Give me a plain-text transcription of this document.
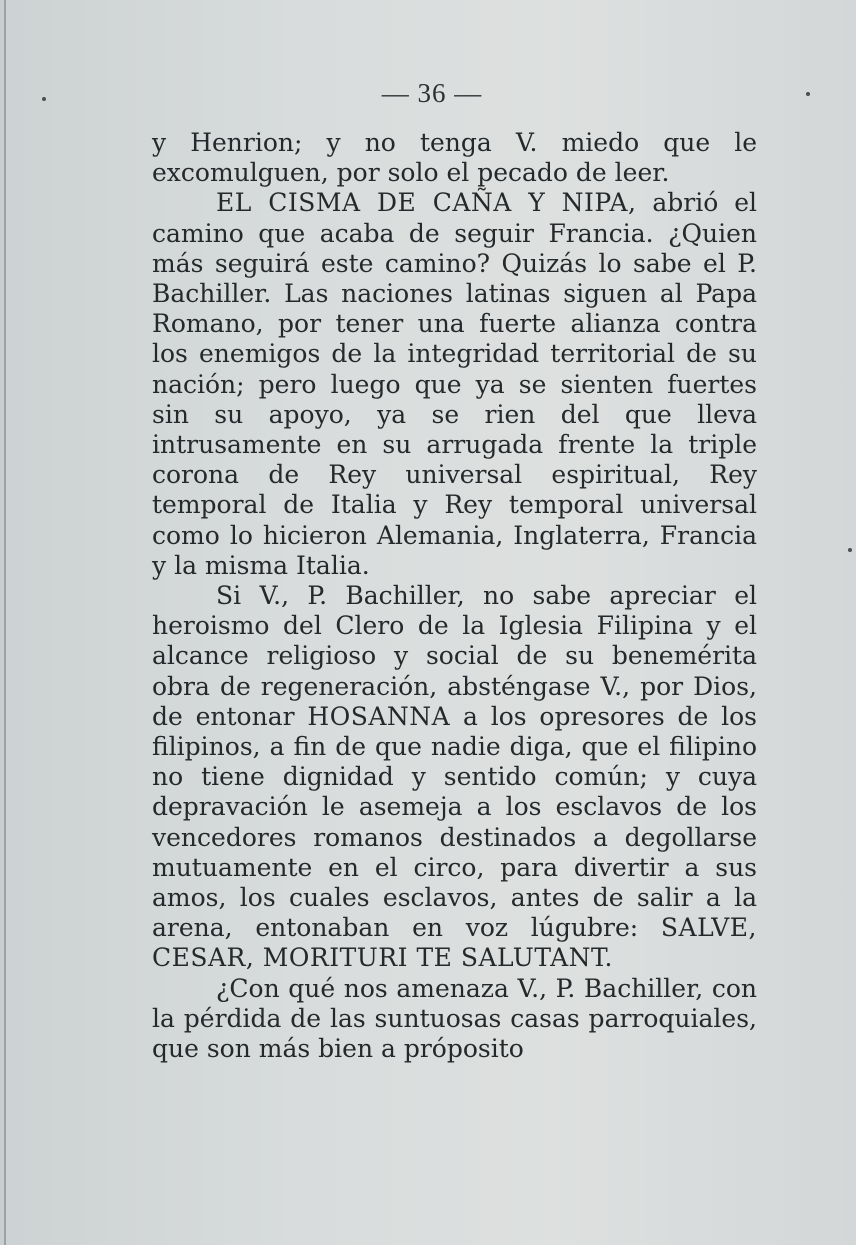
— 36 —

y Henrion; y no tenga V. miedo que le excomulguen, por solo el pecado de leer.

EL CISMA DE CAÑA Y NIPA, abrió el camino que acaba de seguir Francia. ¿Quien más seguirá este camino? Quizás lo sabe el P. Bachiller. Las naciones latinas siguen al Papa Romano, por tener una fuerte alianza contra los enemigos de la integridad territorial de su nación; pero luego que ya se sienten fuertes sin su apoyo, ya se rien del que lleva intrusamente en su arrugada frente la triple corona de Rey universal espiritual, Rey temporal de Italia y Rey temporal universal como lo hicieron Alemania, Inglaterra, Francia y la misma Italia.

Si V., P. Bachiller, no sabe apreciar el heroismo del Clero de la Iglesia Filipina y el alcance religioso y social de su benemérita obra de regeneración, absténgase V., por Dios, de entonar HOSANNA a los opresores de los filipinos, a fin de que nadie diga, que el filipino no tiene dignidad y sentido común; y cuya depravación le asemeja a los esclavos de los vencedores romanos destinados a degollarse mutuamente en el circo, para divertir a sus amos, los cuales esclavos, antes de salir a la arena, entonaban en voz lúgubre: SALVE, CESAR, MORITURI TE SALUTANT.

¿Con qué nos amenaza V., P. Bachiller, con la pérdida de las suntuosas casas parroquiales, que son más bien a própos​ito
